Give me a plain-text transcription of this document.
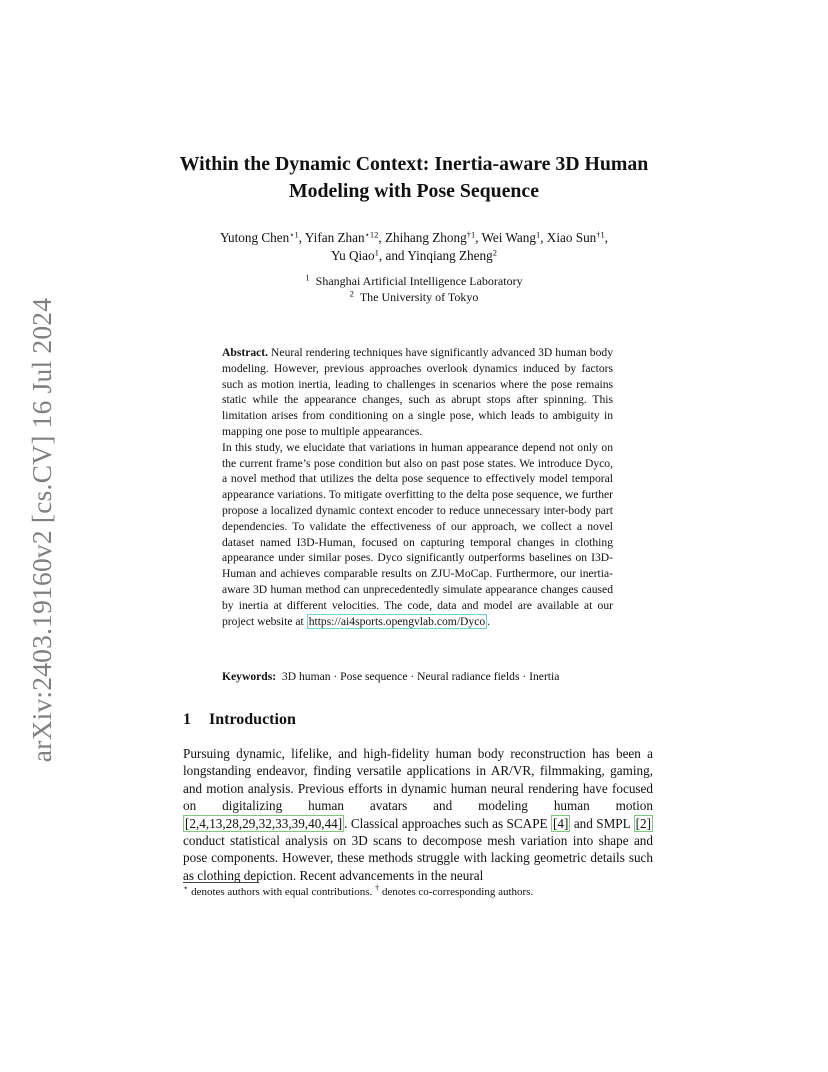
arXiv:2403.19160v2 [cs.CV] 16 Jul 2024
Within the Dynamic Context: Inertia-aware 3D Human Modeling with Pose Sequence
Yutong Chen$^{⋆1}$, Yifan Zhan$^{⋆12}$, Zhihang Zhong$^{\dagger 1}$, Wei Wang$^1$, Xiao Sun$^{\dagger 1}$,
Yu Qiao$^1$, and Yinqiang Zheng$^2$
$^1$ Shanghai Artificial Intelligence Laboratory
$^2$ The University of Tokyo

Abstract. Neural rendering techniques have significantly advanced 3D human body modeling. However, previous approaches overlook dynamics induced by factors such as motion inertia, leading to challenges in scenarios where the pose remains static while the appearance changes, such as abrupt stops after spinning. This limitation arises from conditioning on a single pose, which leads to ambiguity in mapping one pose to multiple appearances.

In this study, we elucidate that variations in human appearance depend not only on the current frame’s pose condition but also on past pose states. We introduce Dyco, a novel method that utilizes the delta pose sequence to effectively model temporal appearance variations. To mitigate overfitting to the delta pose sequence, we further propose a localized dynamic context encoder to reduce unnecessary inter-body part dependencies. To validate the effectiveness of our approach, we collect a novel dataset named I3D-Human, focused on capturing temporal changes in clothing appearance under similar poses. Dyco significantly outperforms baselines on I3D-Human and achieves comparable results on ZJU-MoCap. Furthermore, our inertia-aware 3D human method can unprecedentedly simulate appearance changes caused by inertia at different velocities. The code, data and model are available at our project website at https://ai4sports.opengvlab.com/Dyco .

Keywords: 3D human · Pose sequence · Neural radiance fields · Inertia
1 Introduction

Pursuing dynamic, lifelike, and high-fidelity human body reconstruction has been a longstanding endeavor, finding versatile applications in AR/VR, filmmaking, gaming, and motion analysis. Previous efforts in dynamic human neural rendering have focused on digitalizing human avatars and modeling human motion [2,4,13,28,29,32,33,39,40,44] . Classical approaches such as SCAPE [4] and SMPL [2] conduct statistical analysis on 3D scans to decompose mesh variation into shape and pose components. However, these methods struggle with lacking geometric details such as clothing depiction. Recent advancements in the neural

⋆ denotes authors with equal contributions. † denotes co-corresponding authors.
